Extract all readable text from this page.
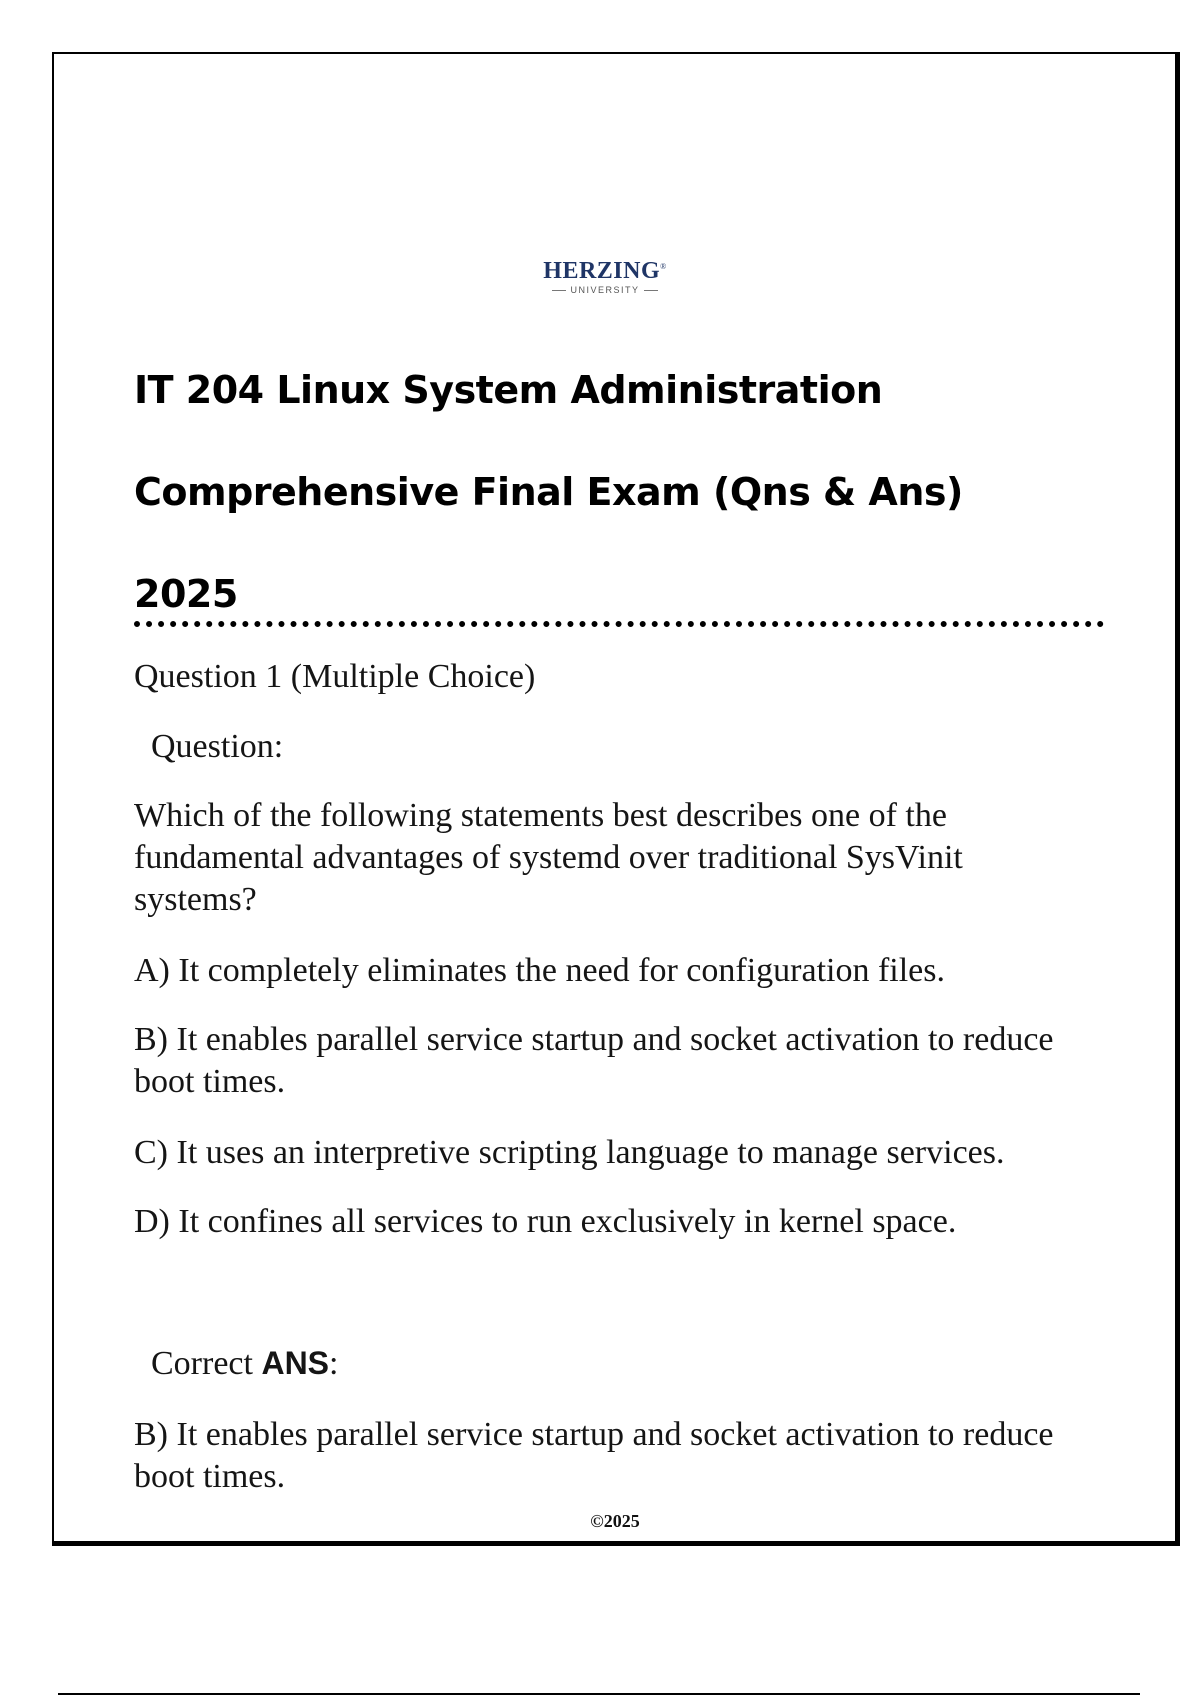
HERZING®
UNIVERSITY
IT 204 Linux System Administration
Comprehensive Final Exam (Qns & Ans)
2025
Question 1 (Multiple Choice)
Question:
Which of the following statements best describes one of the fundamental advantages of systemd over traditional SysVinit systems?
A) It completely eliminates the need for configuration files.
B) It enables parallel service startup and socket activation to reduce boot times.
C) It uses an interpretive scripting language to manage services.
D) It confines all services to run exclusively in kernel space.
Correct ANS:
B) It enables parallel service startup and socket activation to reduce boot times.
©2025
